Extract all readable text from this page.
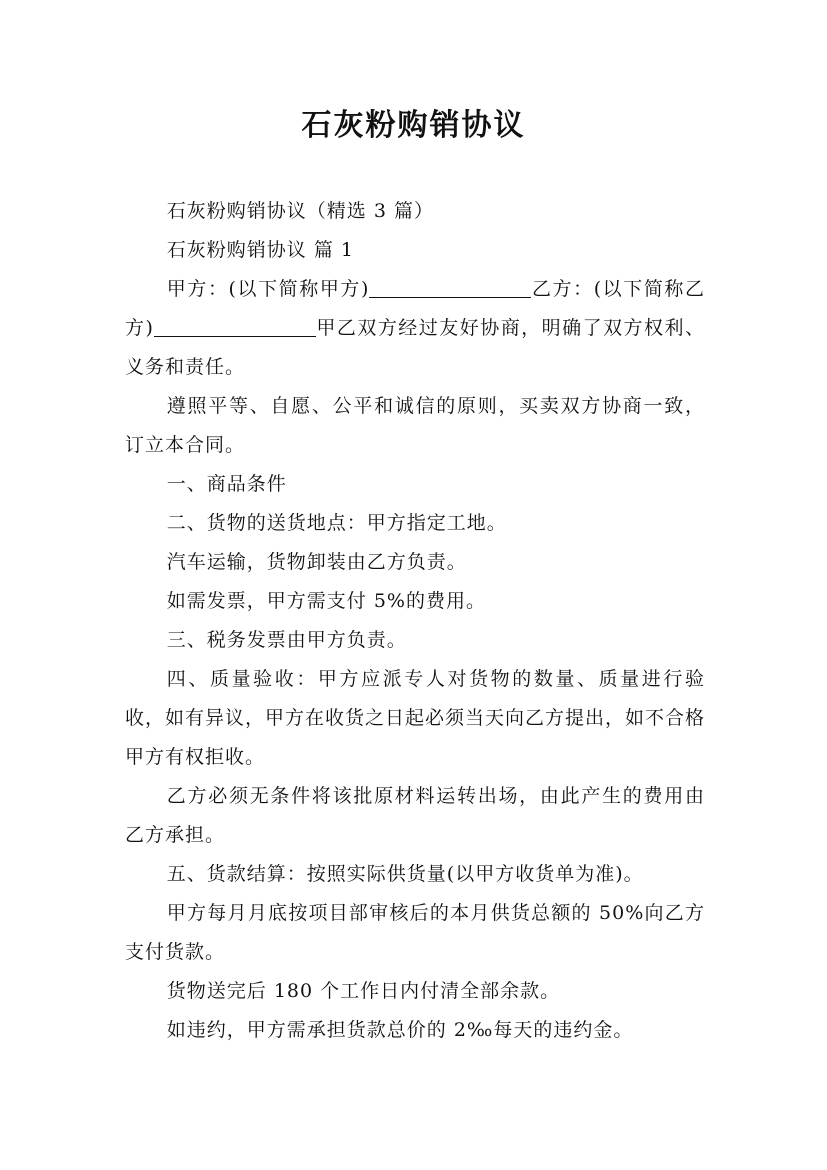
石灰粉购销协议

石灰粉购销协议（精选 3 篇）

石灰粉购销协议 篇 1

甲方：(以下简称甲方)	乙方：(以下简称乙方)	甲乙双方经过友好协商，明确了双方权利、义务和责任。

遵照平等、自愿、公平和诚信的原则，买卖双方协商一致，订立本合同。

一、商品条件

二、货物的送货地点：甲方指定工地。

汽车运输，货物卸装由乙方负责。

如需发票，甲方需支付 5%的费用。

三、税务发票由甲方负责。

四、质量验收：甲方应派专人对货物的数量、质量进行验收，如有异议，甲方在收货之日起必须当天向乙方提出，如不合格甲方有权拒收。

乙方必须无条件将该批原材料运转出场，由此产生的费用由乙方承担。

五、货款结算：按照实际供货量(以甲方收货单为准)。

甲方每月月底按项目部审核后的本月供货总额的 50%向乙方支付货款。

货物送完后 180 个工作日内付清全部余款。

如违约，甲方需承担货款总价的 2‰每天的违约金。
